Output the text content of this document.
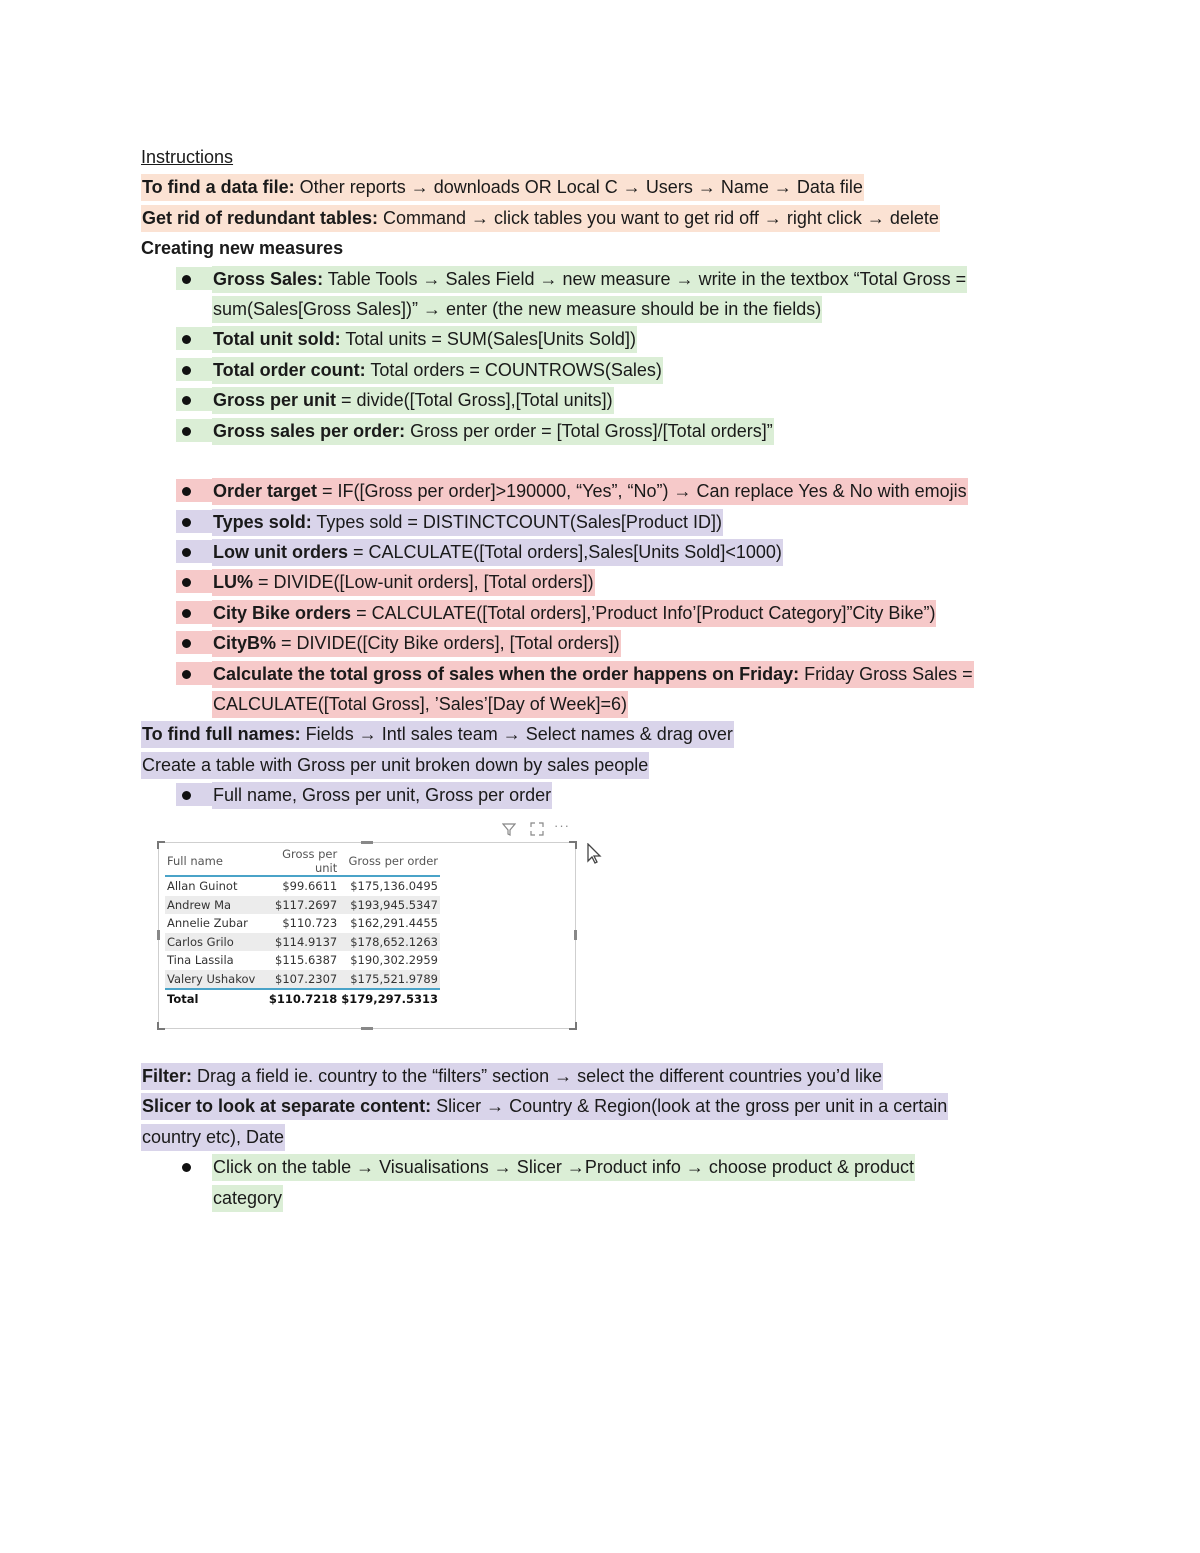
Instructions
To find a data file: Other reports → downloads OR Local C → Users → Name → Data file
Get rid of redundant tables: Command → click tables you want to get rid off → right click → delete
Creating new measures
Gross Sales: Table Tools → Sales Field → new measure → write in the textbox “Total Gross =
sum(Sales[Gross Sales])” → enter (the new measure should be in the fields)
Total unit sold: Total units = SUM(Sales[Units Sold])
Total order count: Total orders = COUNTROWS(Sales)
Gross per unit = divide([Total Gross],[Total units])
Gross sales per order: Gross per order = [Total Gross]/[Total orders]”
Order target = IF([Gross per order]>190000, “Yes”, “No”) → Can replace Yes & No with emojis
Types sold: Types sold = DISTINCTCOUNT(Sales[Product ID])
Low unit orders = CALCULATE([Total orders],Sales[Units Sold]<1000)
LU% = DIVIDE([Low-unit orders], [Total orders])
City Bike orders = CALCULATE([Total orders],’Product Info’[Product Category]”City Bike”)
CityB% = DIVIDE([City Bike orders], [Total orders])
Calculate the total gross of sales when the order happens on Friday: Friday Gross Sales =
CALCULATE([Total Gross], ’Sales’[Day of Week]=6)
To find full names: Fields → Intl sales team → Select names & drag over
Create a table with Gross per unit broken down by sales people
Full name, Gross per unit, Gross per order
···
Full name	Gross per unit	Gross per order
Allan Guinot	$99.6611	$175,136.0495
Andrew Ma	$117.2697	$193,945.5347
Annelie Zubar	$110.723	$162,291.4455
Carlos Grilo	$114.9137	$178,652.1263
Tina Lassila	$115.6387	$190,302.2959
Valery Ushakov	$107.2307	$175,521.9789
Total	$110.7218	$179,297.5313
Filter: Drag a field ie. country to the “filters” section → select the different countries you’d like
Slicer to look at separate content: Slicer → Country & Region(look at the gross per unit in a certain
country etc), Date
Click on the table → Visualisations → Slicer →Product info → choose product & product
category
